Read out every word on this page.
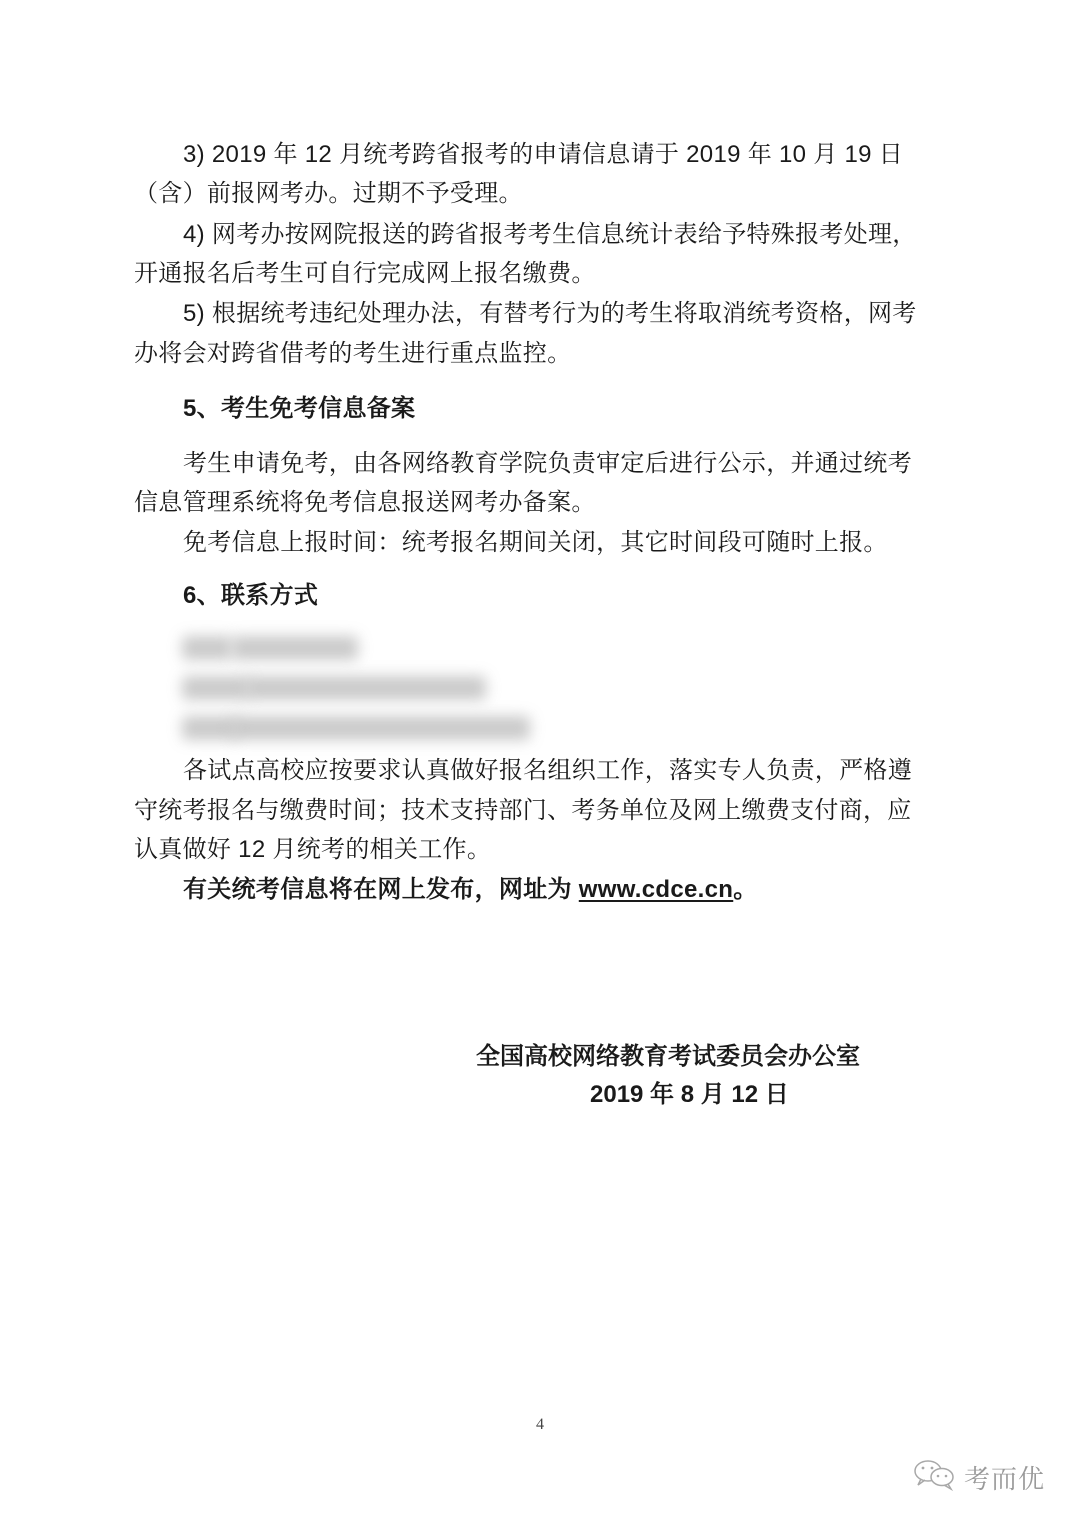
3) 2019 年 12 月统考跨省报考的申请信息请于 2019 年 10 月 19 日
（含）前报网考办。过期不予受理。
4) 网考办按网院报送的跨省报考考生信息统计表给予特殊报考处理，
开通报名后考生可自行完成网上报名缴费。
5) 根据统考违纪处理办法，有替考行为的考生将取消统考资格，网考
办将会对跨省借考的考生进行重点监控。
5、考生免考信息备案
考生申请免考，由各网络教育学院负责审定后进行公示，并通过统考
信息管理系统将免考信息报送网考办备案。
免考信息上报时间：统考报名期间关闭，其它时间段可随时上报。
6、联系方式
各试点高校应按要求认真做好报名组织工作，落实专人负责，严格遵
守统考报名与缴费时间；技术支持部门、考务单位及网上缴费支付商，应
认真做好 12 月统考的相关工作。
有关统考信息将在网上发布，网址为 www.cdce.cn。
全国高校网络教育考试委员会办公室
2019 年 8 月 12 日
4
考而优
